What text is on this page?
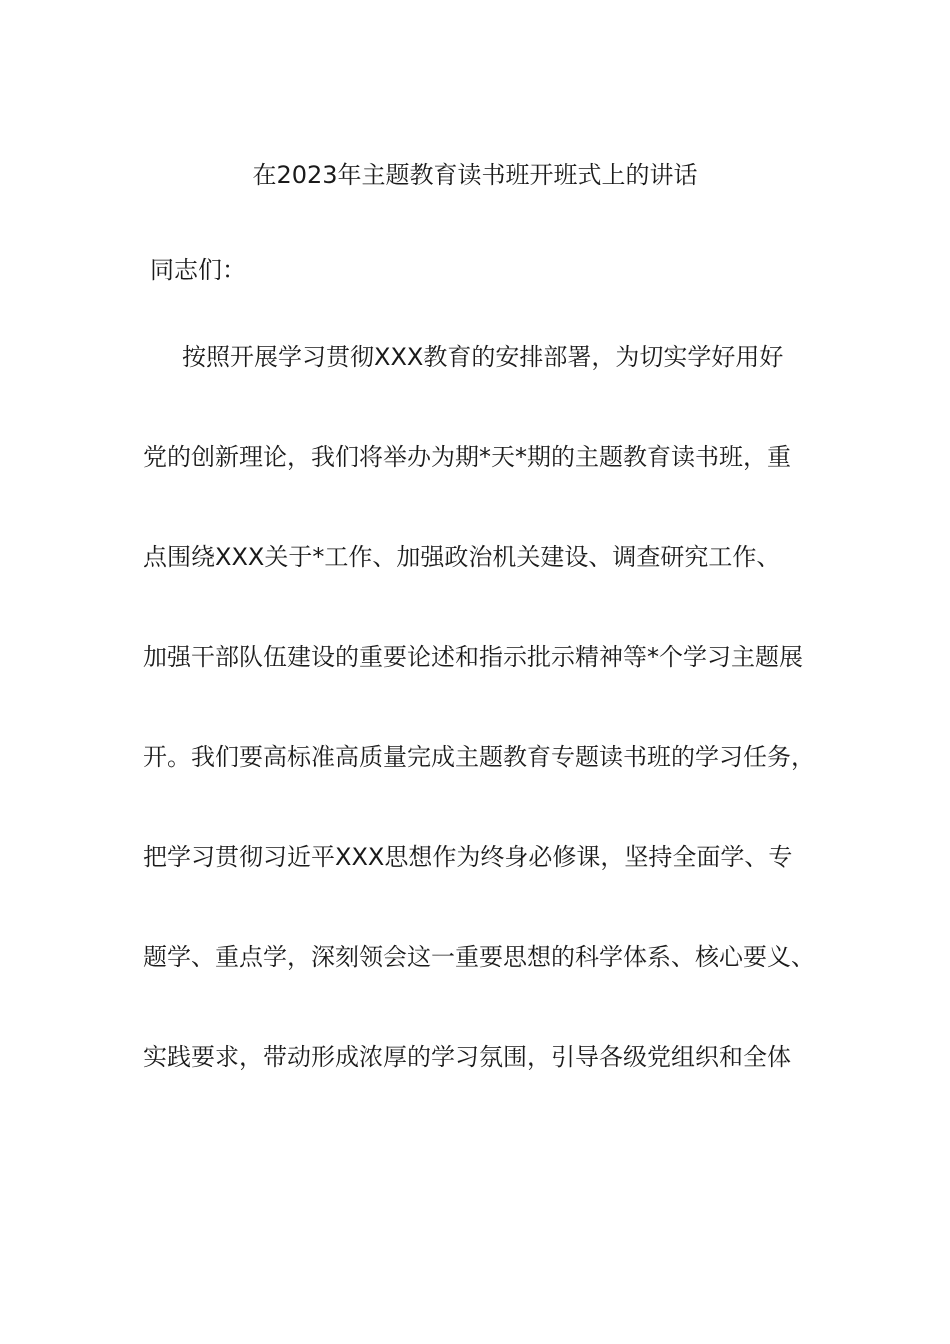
在2023年主题教育读书班开班式上的讲话
同志们：
按照开展学习贯彻XXX教育的安排部署，为切实学好用好
党的创新理论，我们将举办为期*天*期的主题教育读书班，重
点围绕XXX关于*工作、加强政治机关建设、调查研究工作、
加强干部队伍建设的重要论述和指示批示精神等*个学习主题展
开。我们要高标准高质量完成主题教育专题读书班的学习任务，
把学习贯彻习近平XXX思想作为终身必修课，坚持全面学、专
题学、重点学，深刻领会这一重要思想的科学体系、核心要义、
实践要求，带动形成浓厚的学习氛围，引导各级党组织和全体
